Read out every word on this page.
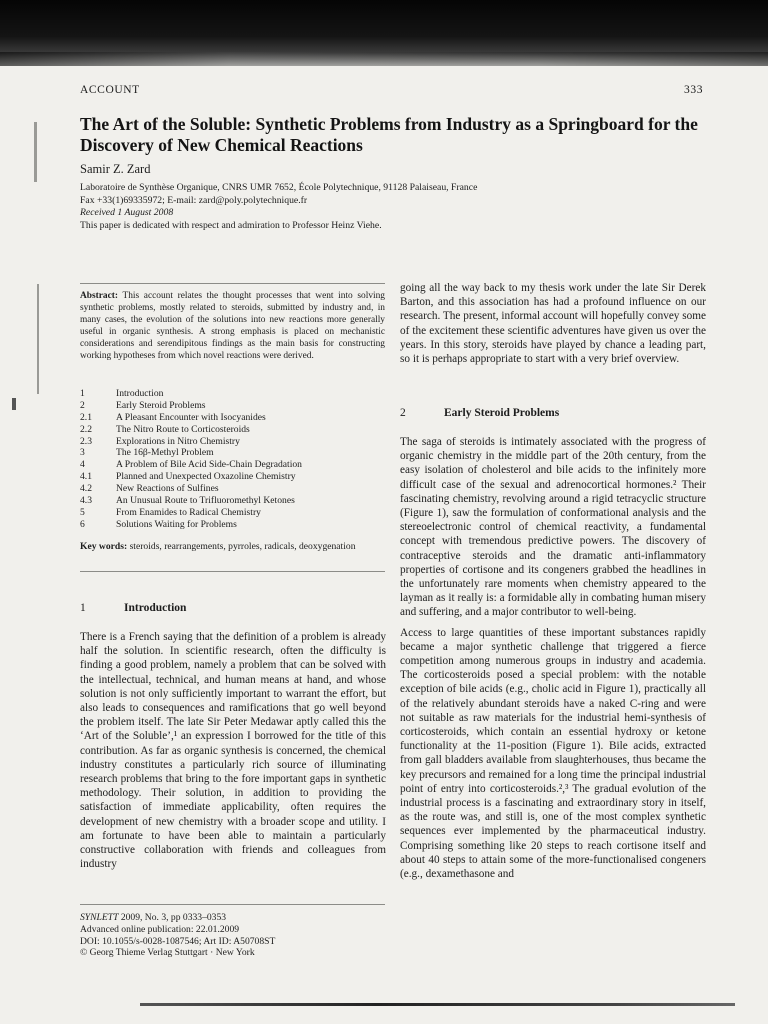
ACCOUNT	333
The Art of the Soluble: Synthetic Problems from Industry as a Springboard for the Discovery of New Chemical Reactions
Samir Z. Zard
Laboratoire de Synthèse Organique, CNRS UMR 7652, École Polytechnique, 91128 Palaiseau, France
Fax +33(1)69335972; E-mail: zard@poly.polytechnique.fr
Received 1 August 2008
This paper is dedicated with respect and admiration to Professor Heinz Viehe.
Abstract: This account relates the thought processes that went into solving synthetic problems, mostly related to steroids, submitted by industry and, in many cases, the evolution of the solutions into new reactions more generally useful in organic synthesis. A strong emphasis is placed on mechanistic considerations and serendipitous findings as the main basis for constructing working hypotheses from which novel reactions were derived.
1	Introduction
2	Early Steroid Problems
2.1	A Pleasant Encounter with Isocyanides
2.2	The Nitro Route to Corticosteroids
2.3	Explorations in Nitro Chemistry
3	The 16β-Methyl Problem
4	A Problem of Bile Acid Side-Chain Degradation
4.1	Planned and Unexpected Oxazoline Chemistry
4.2	New Reactions of Sulfines
4.3	An Unusual Route to Trifluoromethyl Ketones
5	From Enamides to Radical Chemistry
6	Solutions Waiting for Problems
Key words: steroids, rearrangements, pyrroles, radicals, deoxygenation
1	Introduction

There is a French saying that the definition of a problem is already half the solution. In scientific research, often the difficulty is finding a good problem, namely a problem that can be solved with the intellectual, technical, and human means at hand, and whose solution is not only sufficiently important to warrant the effort, but also leads to consequences and ramifications that go well beyond the problem itself. The late Sir Peter Medawar aptly called this the ‘Art of the Soluble’,¹ an expression I borrowed for the title of this contribution. As far as organic synthesis is concerned, the chemical industry constitutes a particularly rich source of illuminating research problems that bring to the fore important gaps in synthetic methodology. Their solution, in addition to providing the satisfaction of immediate applicability, often requires the development of new chemistry with a broader scope and utility. I am fortunate to have been able to maintain a particularly constructive collaboration with friends and colleagues from industry

SYNLETT 2009, No. 3, pp 0333–0353
Advanced online publication: 22.01.2009
DOI: 10.1055/s-0028-1087546; Art ID: A50708ST
© Georg Thieme Verlag Stuttgart · New York

going all the way back to my thesis work under the late Sir Derek Barton, and this association has had a profound influence on our research. The present, informal account will hopefully convey some of the excitement these scientific adventures have given us over the years. In this story, steroids have played by chance a leading part, so it is perhaps appropriate to start with a very brief overview.

2	Early Steroid Problems

The saga of steroids is intimately associated with the progress of organic chemistry in the middle part of the 20th century, from the easy isolation of cholesterol and bile acids to the infinitely more difficult case of the sexual and adrenocortical hormones.² Their fascinating chemistry, revolving around a rigid tetracyclic structure (Figure 1), saw the formulation of conformational analysis and the stereoelectronic control of chemical reactivity, a fundamental concept with tremendous predictive powers. The discovery of contraceptive steroids and the dramatic anti-inflammatory properties of cortisone and its congeners grabbed the headlines in the unfortunately rare moments when chemistry appeared to the layman as it really is: a formidable ally in combating human misery and suffering, and a major contributor to well-being.

Access to large quantities of these important substances rapidly became a major synthetic challenge that triggered a fierce competition among numerous groups in industry and academia. The corticosteroids posed a special problem: with the notable exception of bile acids (e.g., cholic acid in Figure 1), practically all of the relatively abundant steroids have a naked C-ring and were not suitable as raw materials for the industrial hemi-synthesis of corticosteroids, which contain an essential hydroxy or ketone functionality at the 11-position (Figure 1). Bile acids, extracted from gall bladders available from slaughterhouses, thus became the key precursors and remained for a long time the principal industrial point of entry into corticosteroids.²,³ The gradual evolution of the industrial process is a fascinating and extraordinary story in itself, as the route was, and still is, one of the most complex synthetic sequences ever implemented by the pharmaceutical industry. Comprising something like 20 steps to reach cortisone itself and about 40 steps to attain some of the more-functionalised congeners (e.g., dexamethasone and
